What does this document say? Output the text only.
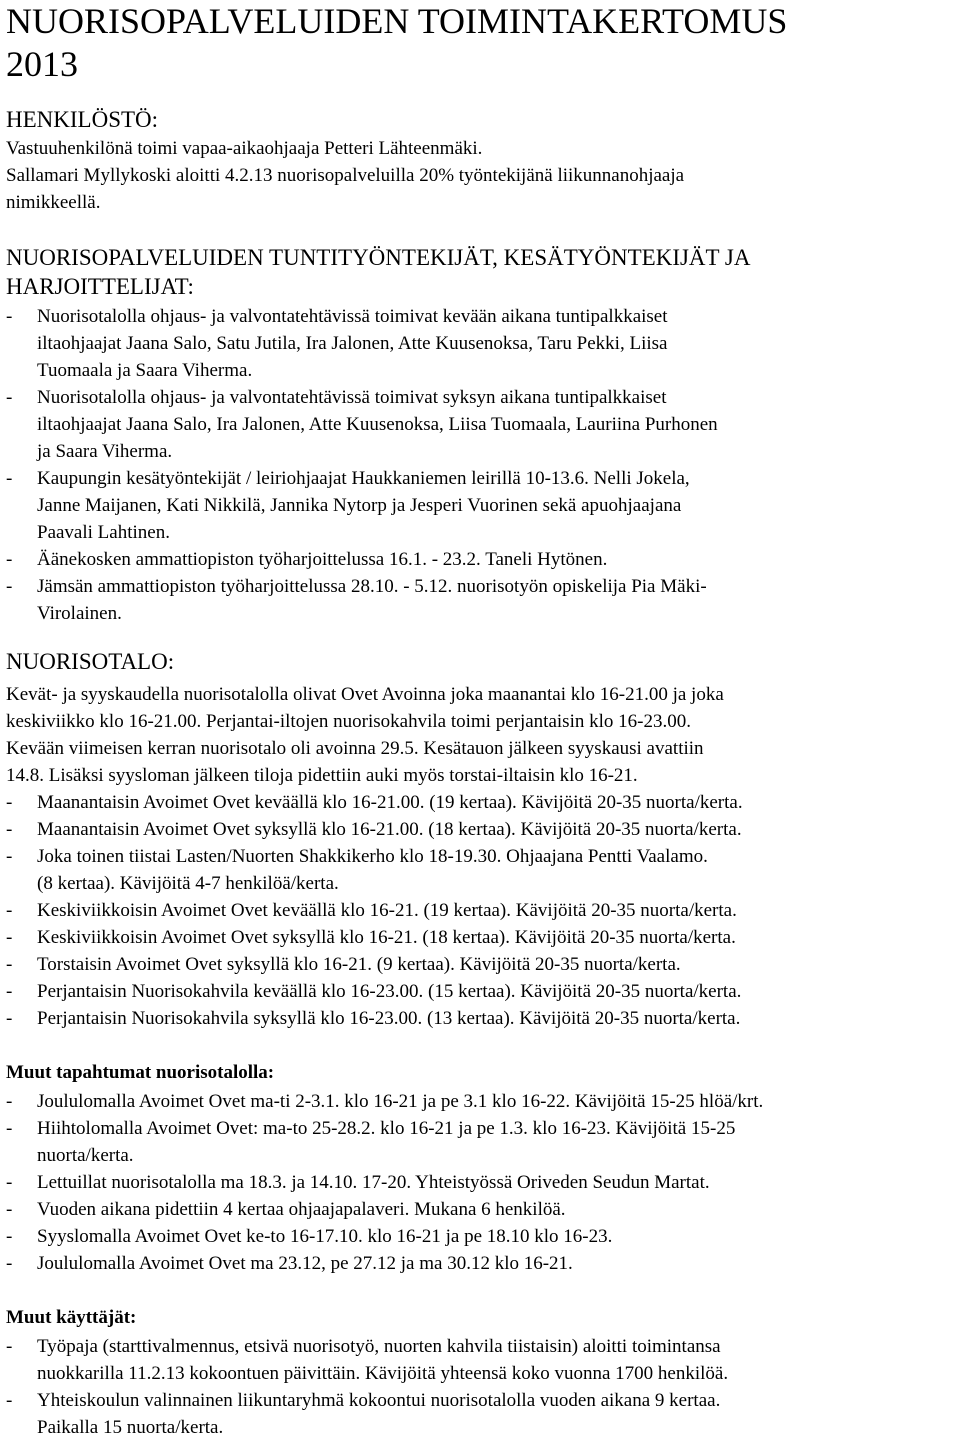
NUORISOPALVELUIDEN TOIMINTAKERTOMUS
2013
HENKILÖSTÖ:

Vastuuhenkilönä toimi vapaa-aikaohjaaja Petteri Lähteenmäki.
Sallamari Myllykoski aloitti 4.2.13 nuorisopalveluilla 20% työntekijänä liikunnanohjaaja
nimikkeellä.

NUORISOPALVELUIDEN TUNTITYÖNTEKIJÄT, KESÄTYÖNTEKIJÄT JA
HARJOITTELIJAT:
- Nuorisotalolla ohjaus- ja valvontatehtävissä toimivat kevään aikana tuntipalkkaiset
iltaohjaajat Jaana Salo, Satu Jutila, Ira Jalonen, Atte Kuusenoksa, Taru Pekki, Liisa
Tuomaala ja Saara Viherma.
- Nuorisotalolla ohjaus- ja valvontatehtävissä toimivat syksyn aikana tuntipalkkaiset
iltaohjaajat Jaana Salo, Ira Jalonen, Atte Kuusenoksa, Liisa Tuomaala, Lauriina Purhonen
ja Saara Viherma.
- Kaupungin kesätyöntekijät / leiriohjaajat Haukkaniemen leirillä 10-13.6. Nelli Jokela,
Janne Maijanen, Kati Nikkilä, Jannika Nytorp ja Jesperi Vuorinen sekä apuohjaajana
Paavali Lahtinen.
- Äänekosken ammattiopiston työharjoittelussa 16.1. - 23.2. Taneli Hytönen.
- Jämsän ammattiopiston työharjoittelussa 28.10. - 5.12. nuorisotyön opiskelija Pia Mäki-
Virolainen.
NUORISOTALO:

Kevät- ja syyskaudella nuorisotalolla olivat Ovet Avoinna joka maanantai klo 16-21.00 ja joka
keskiviikko klo 16-21.00. Perjantai-iltojen nuorisokahvila toimi perjantaisin klo 16-23.00.
Kevään viimeisen kerran nuorisotalo oli avoinna 29.5. Kesätauon jälkeen syyskausi avattiin
14.8. Lisäksi syysloman jälkeen tiloja pidettiin auki myös torstai-iltaisin klo 16-21.

- Maanantaisin Avoimet Ovet keväällä klo 16-21.00. (19 kertaa). Kävijöitä 20-35 nuorta/kerta.
- Maanantaisin Avoimet Ovet syksyllä klo 16-21.00. (18 kertaa). Kävijöitä 20-35 nuorta/kerta.
- Joka toinen tiistai Lasten/Nuorten Shakkikerho klo 18-19.30. Ohjaajana Pentti Vaalamo.
(8 kertaa). Kävijöitä 4-7 henkilöä/kerta.
- Keskiviikkoisin Avoimet Ovet keväällä klo 16-21. (19 kertaa). Kävijöitä 20-35 nuorta/kerta.
- Keskiviikkoisin Avoimet Ovet syksyllä klo 16-21. (18 kertaa). Kävijöitä 20-35 nuorta/kerta.
- Torstaisin Avoimet Ovet syksyllä klo 16-21. (9 kertaa). Kävijöitä 20-35 nuorta/kerta.
- Perjantaisin Nuorisokahvila keväällä klo 16-23.00. (15 kertaa). Kävijöitä 20-35 nuorta/kerta.
- Perjantaisin Nuorisokahvila syksyllä klo 16-23.00. (13 kertaa). Kävijöitä 20-35 nuorta/kerta.
Muut tapahtumat nuorisotalolla:
- Joululomalla Avoimet Ovet ma-ti 2-3.1. klo 16-21 ja pe 3.1 klo 16-22. Kävijöitä 15-25 hlöä/krt.
- Hiihtolomalla Avoimet Ovet: ma-to 25-28.2. klo 16-21 ja pe 1.3. klo 16-23. Kävijöitä 15-25
nuorta/kerta.
- Lettuillat nuorisotalolla ma 18.3. ja 14.10. 17-20. Yhteistyössä Oriveden Seudun Martat.
- Vuoden aikana pidettiin 4 kertaa ohjaajapalaveri. Mukana 6 henkilöä.
- Syyslomalla Avoimet Ovet ke-to 16-17.10. klo 16-21 ja pe 18.10 klo 16-23.
- Joululomalla Avoimet Ovet ma 23.12, pe 27.12 ja ma 30.12 klo 16-21.
Muut käyttäjät:
- Työpaja (starttivalmennus, etsivä nuorisotyö, nuorten kahvila tiistaisin) aloitti toimintansa
nuokkarilla 11.2.13 kokoontuen päivittäin. Kävijöitä yhteensä koko vuonna 1700 henkilöä.
- Yhteiskoulun valinnainen liikuntaryhmä kokoontui nuorisotalolla vuoden aikana 9 kertaa.
Paikalla 15 nuorta/kerta.
